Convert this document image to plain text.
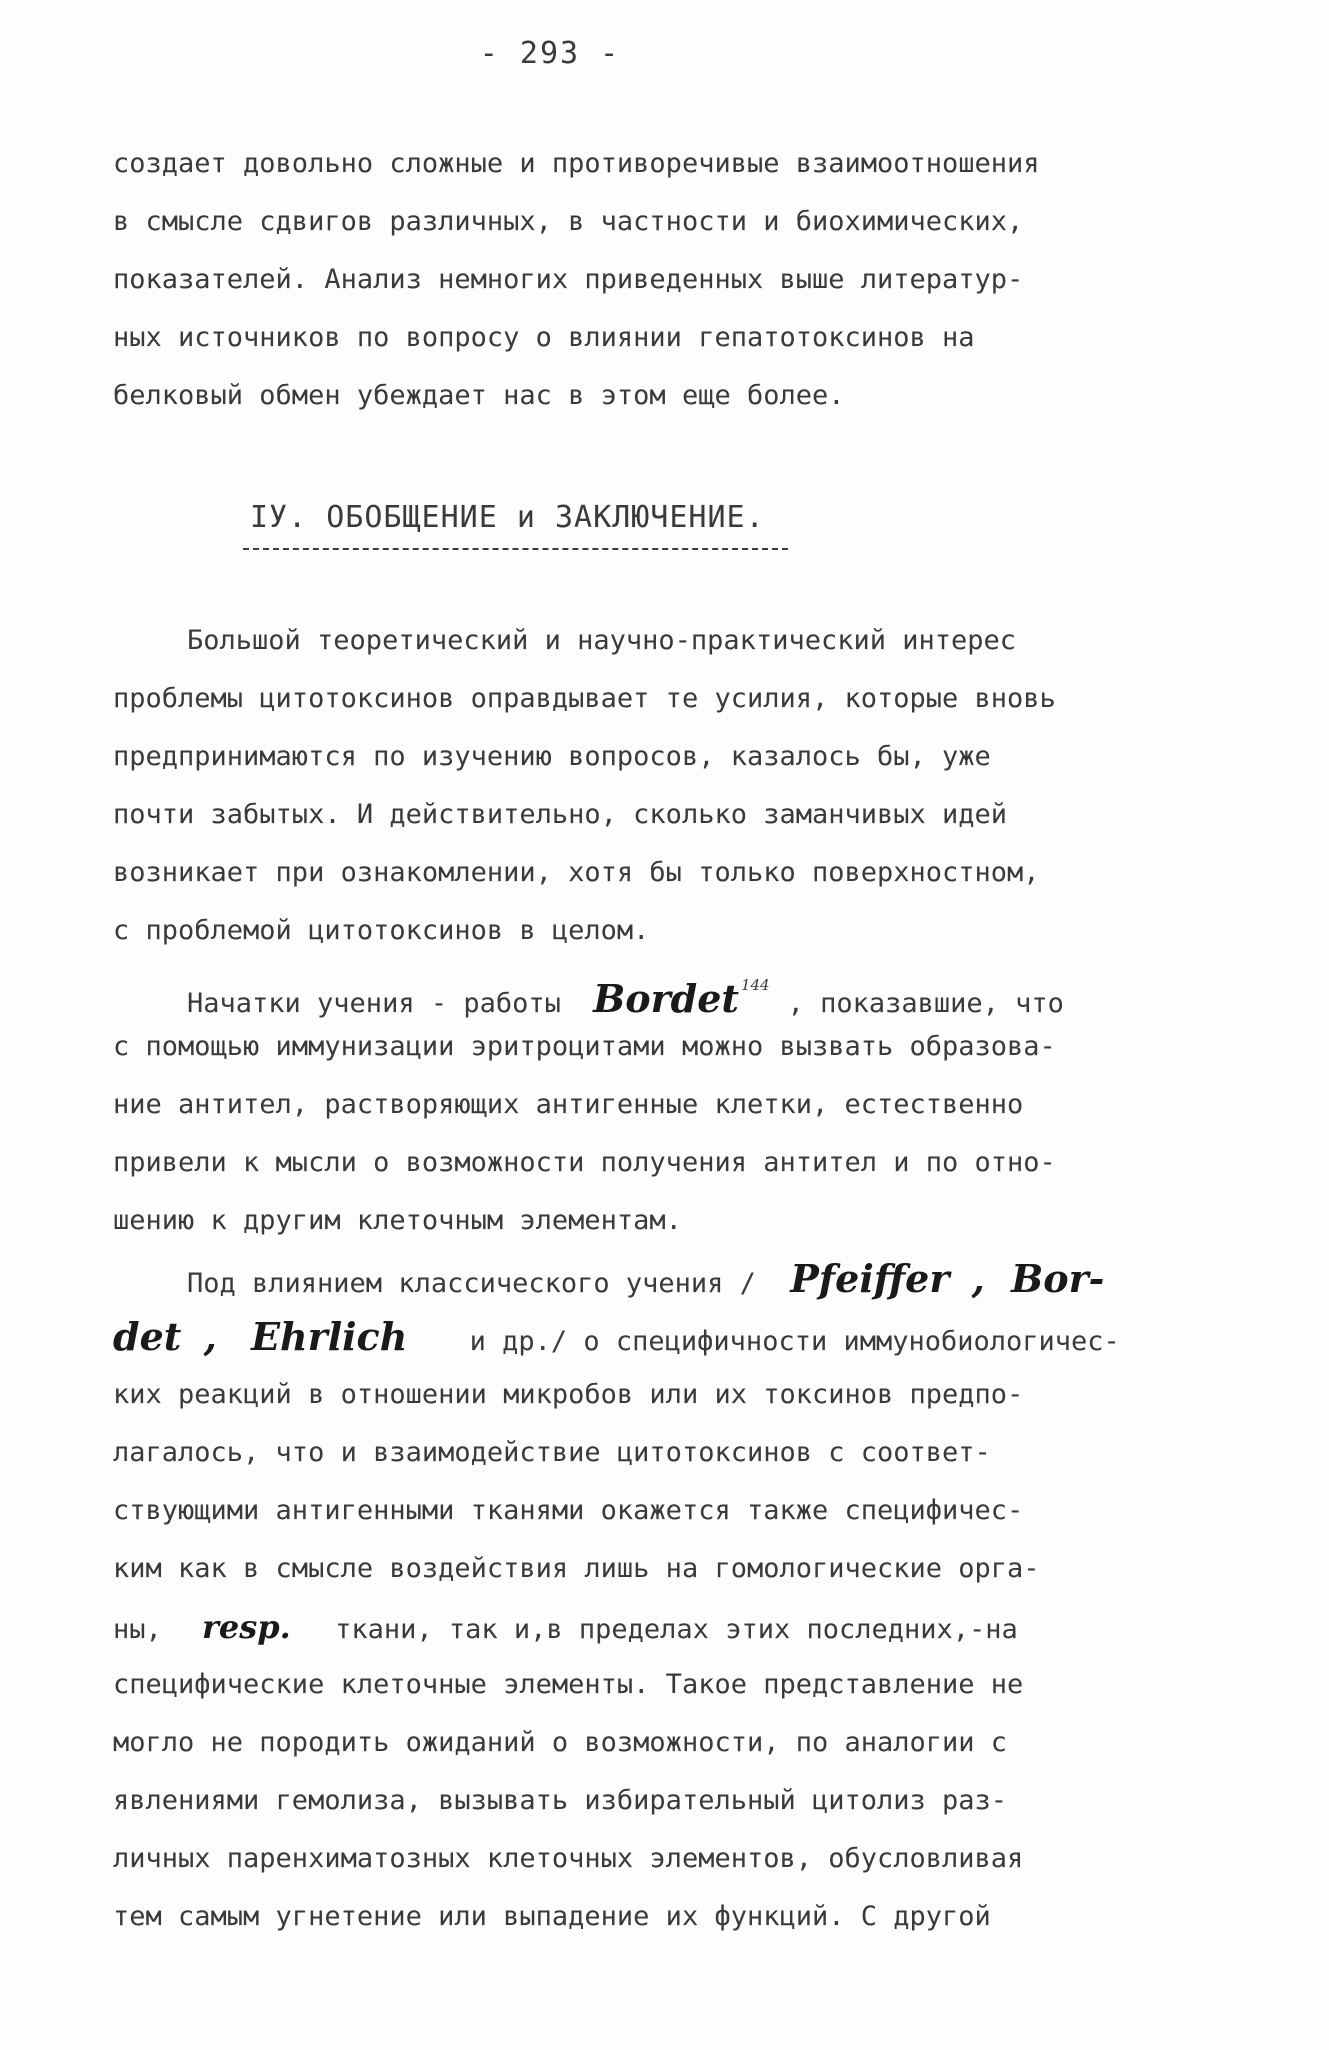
- 293 -
создает довольно сложные и противоречивые взаимоотношения
в смысле сдвигов различных, в частности и биохимических,
показателей. Анализ немногих приведенных выше литератур-
ных источников по вопросу о влиянии гепатотоксинов на
белковый обмен убеждает нас в этом еще более.
IУ. ОБОБЩЕНИЕ и ЗАКЛЮЧЕНИЕ.
Большой теоретический и научно-практический интерес
проблемы цитотоксинов оправдывает те усилия, которые вновь
предпринимаются по изучению вопросов, казалось бы, уже
почти забытых. И действительно, сколько заманчивых идей
возникает при ознакомлении, хотя бы только поверхностном,
с проблемой цитотоксинов в целом.
Начатки учения - работы Bordet $^{144}$, показавшие, что
с помощью иммунизации эритроцитами можно вызвать образова-
ние антител, растворяющих антигенные клетки, естественно
привели к мысли о возможности получения антител и по отно-
шению к другим клеточным элементам.
Под влиянием классического учения / Pfeiffer , Bor-
det , Ehrlich и др./ о специфичности иммунобиологичес-
ких реакций в отношении микробов или их токсинов предпо-
лагалось, что и взаимодействие цитотоксинов с соответ-
ствующими антигенными тканями окажется также специфичес-
ким как в смысле воздействия лишь на гомологические орга-
ны, resp. ткани, так и,в пределах этих последних,-на
специфические клеточные элементы. Такое представление не
могло не породить ожиданий о возможности, по аналогии с
явлениями гемолиза, вызывать избирательный цитолиз раз-
личных паренхиматозных клеточных элементов, обусловливая
тем самым угнетение или выпадение их функций. С другой
